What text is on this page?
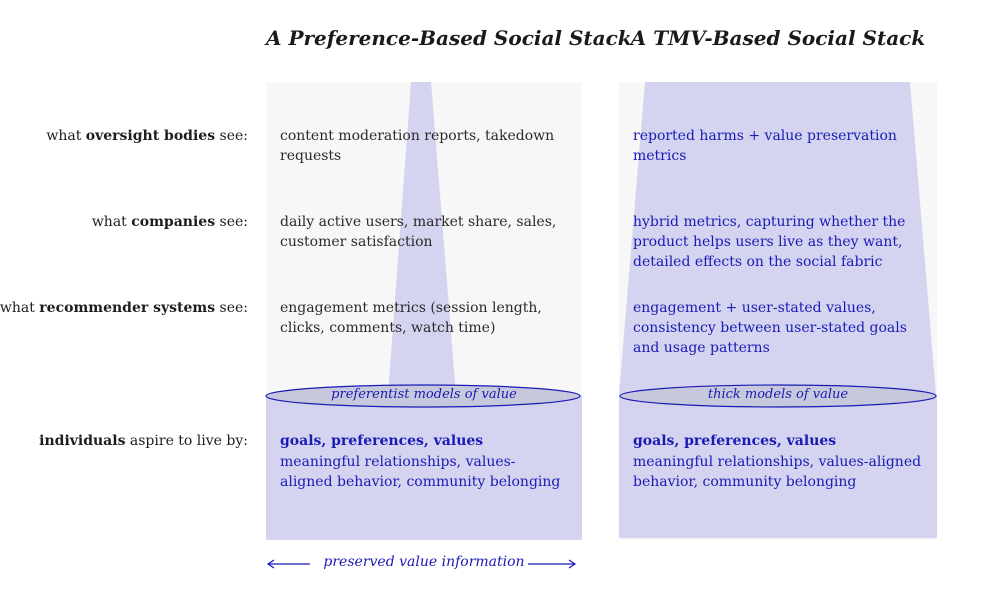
A Preference-Based Social Stack A TMV-Based Social Stack
what oversight bodies see:
what companies see:
what recommender systems see:
individuals aspire to live by:
content moderation reports, takedown requests
daily active users, market share, sales, customer satisfaction
engagement metrics (session length, clicks, comments, watch time)
goals, preferences, values
meaningful relationships, values-aligned behavior, community belonging
reported harms + value preservation metrics
hybrid metrics, capturing whether the product helps users live as they want, detailed effects on the social fabric
engagement + user-stated values, consistency between user-stated goals and usage patterns
goals, preferences, values
meaningful relationships, values-aligned behavior, community belonging
preferentist models of value	thick models of value
preserved value information
